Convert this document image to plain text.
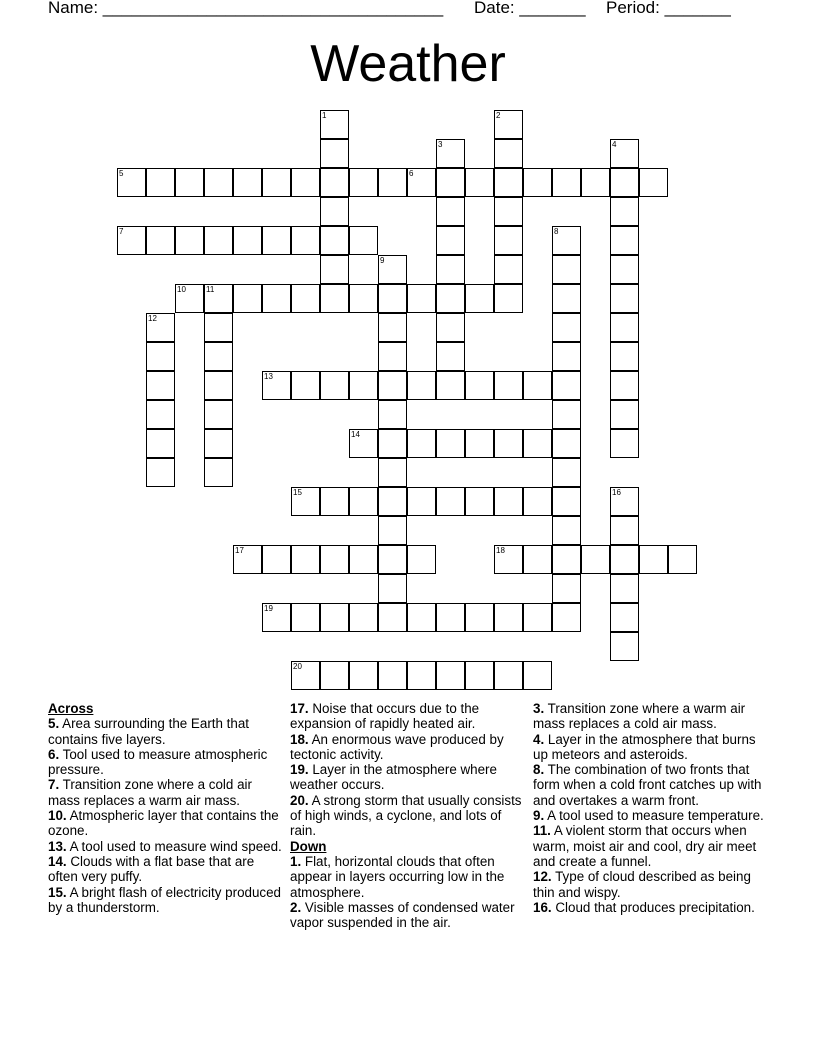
Name: ____________________________________ Date: _______ Period: _______
Weather
1	2
3	4
5	6
7	8
9
10	11
12
13
14
15	16
17	18
19
20
Across
5. Area surrounding the Earth that contains five layers.
6. Tool used to measure atmospheric pressure.
7. Transition zone where a cold air mass replaces a warm air mass.
10. Atmospheric layer that contains the ozone.
13. A tool used to measure wind speed.
14. Clouds with a flat base that are often very puffy.
15. A bright flash of electricity produced by a thunderstorm.
17. Noise that occurs due to the expansion of rapidly heated air.
18. An enormous wave produced by tectonic activity.
19. Layer in the atmosphere where weather occurs.
20. A strong storm that usually consists of high winds, a cyclone, and lots of rain.
Down
1. Flat, horizontal clouds that often appear in layers occurring low in the atmosphere.
2. Visible masses of condensed water vapor suspended in the air.
3. Transition zone where a warm air mass replaces a cold air mass.
4. Layer in the atmosphere that burns up meteors and asteroids.
8. The combination of two fronts that form when a cold front catches up with and overtakes a warm front.
9. A tool used to measure temperature.
11. A violent storm that occurs when warm, moist air and cool, dry air meet and create a funnel.
12. Type of cloud described as being thin and wispy.
16. Cloud that produces precipitation.
